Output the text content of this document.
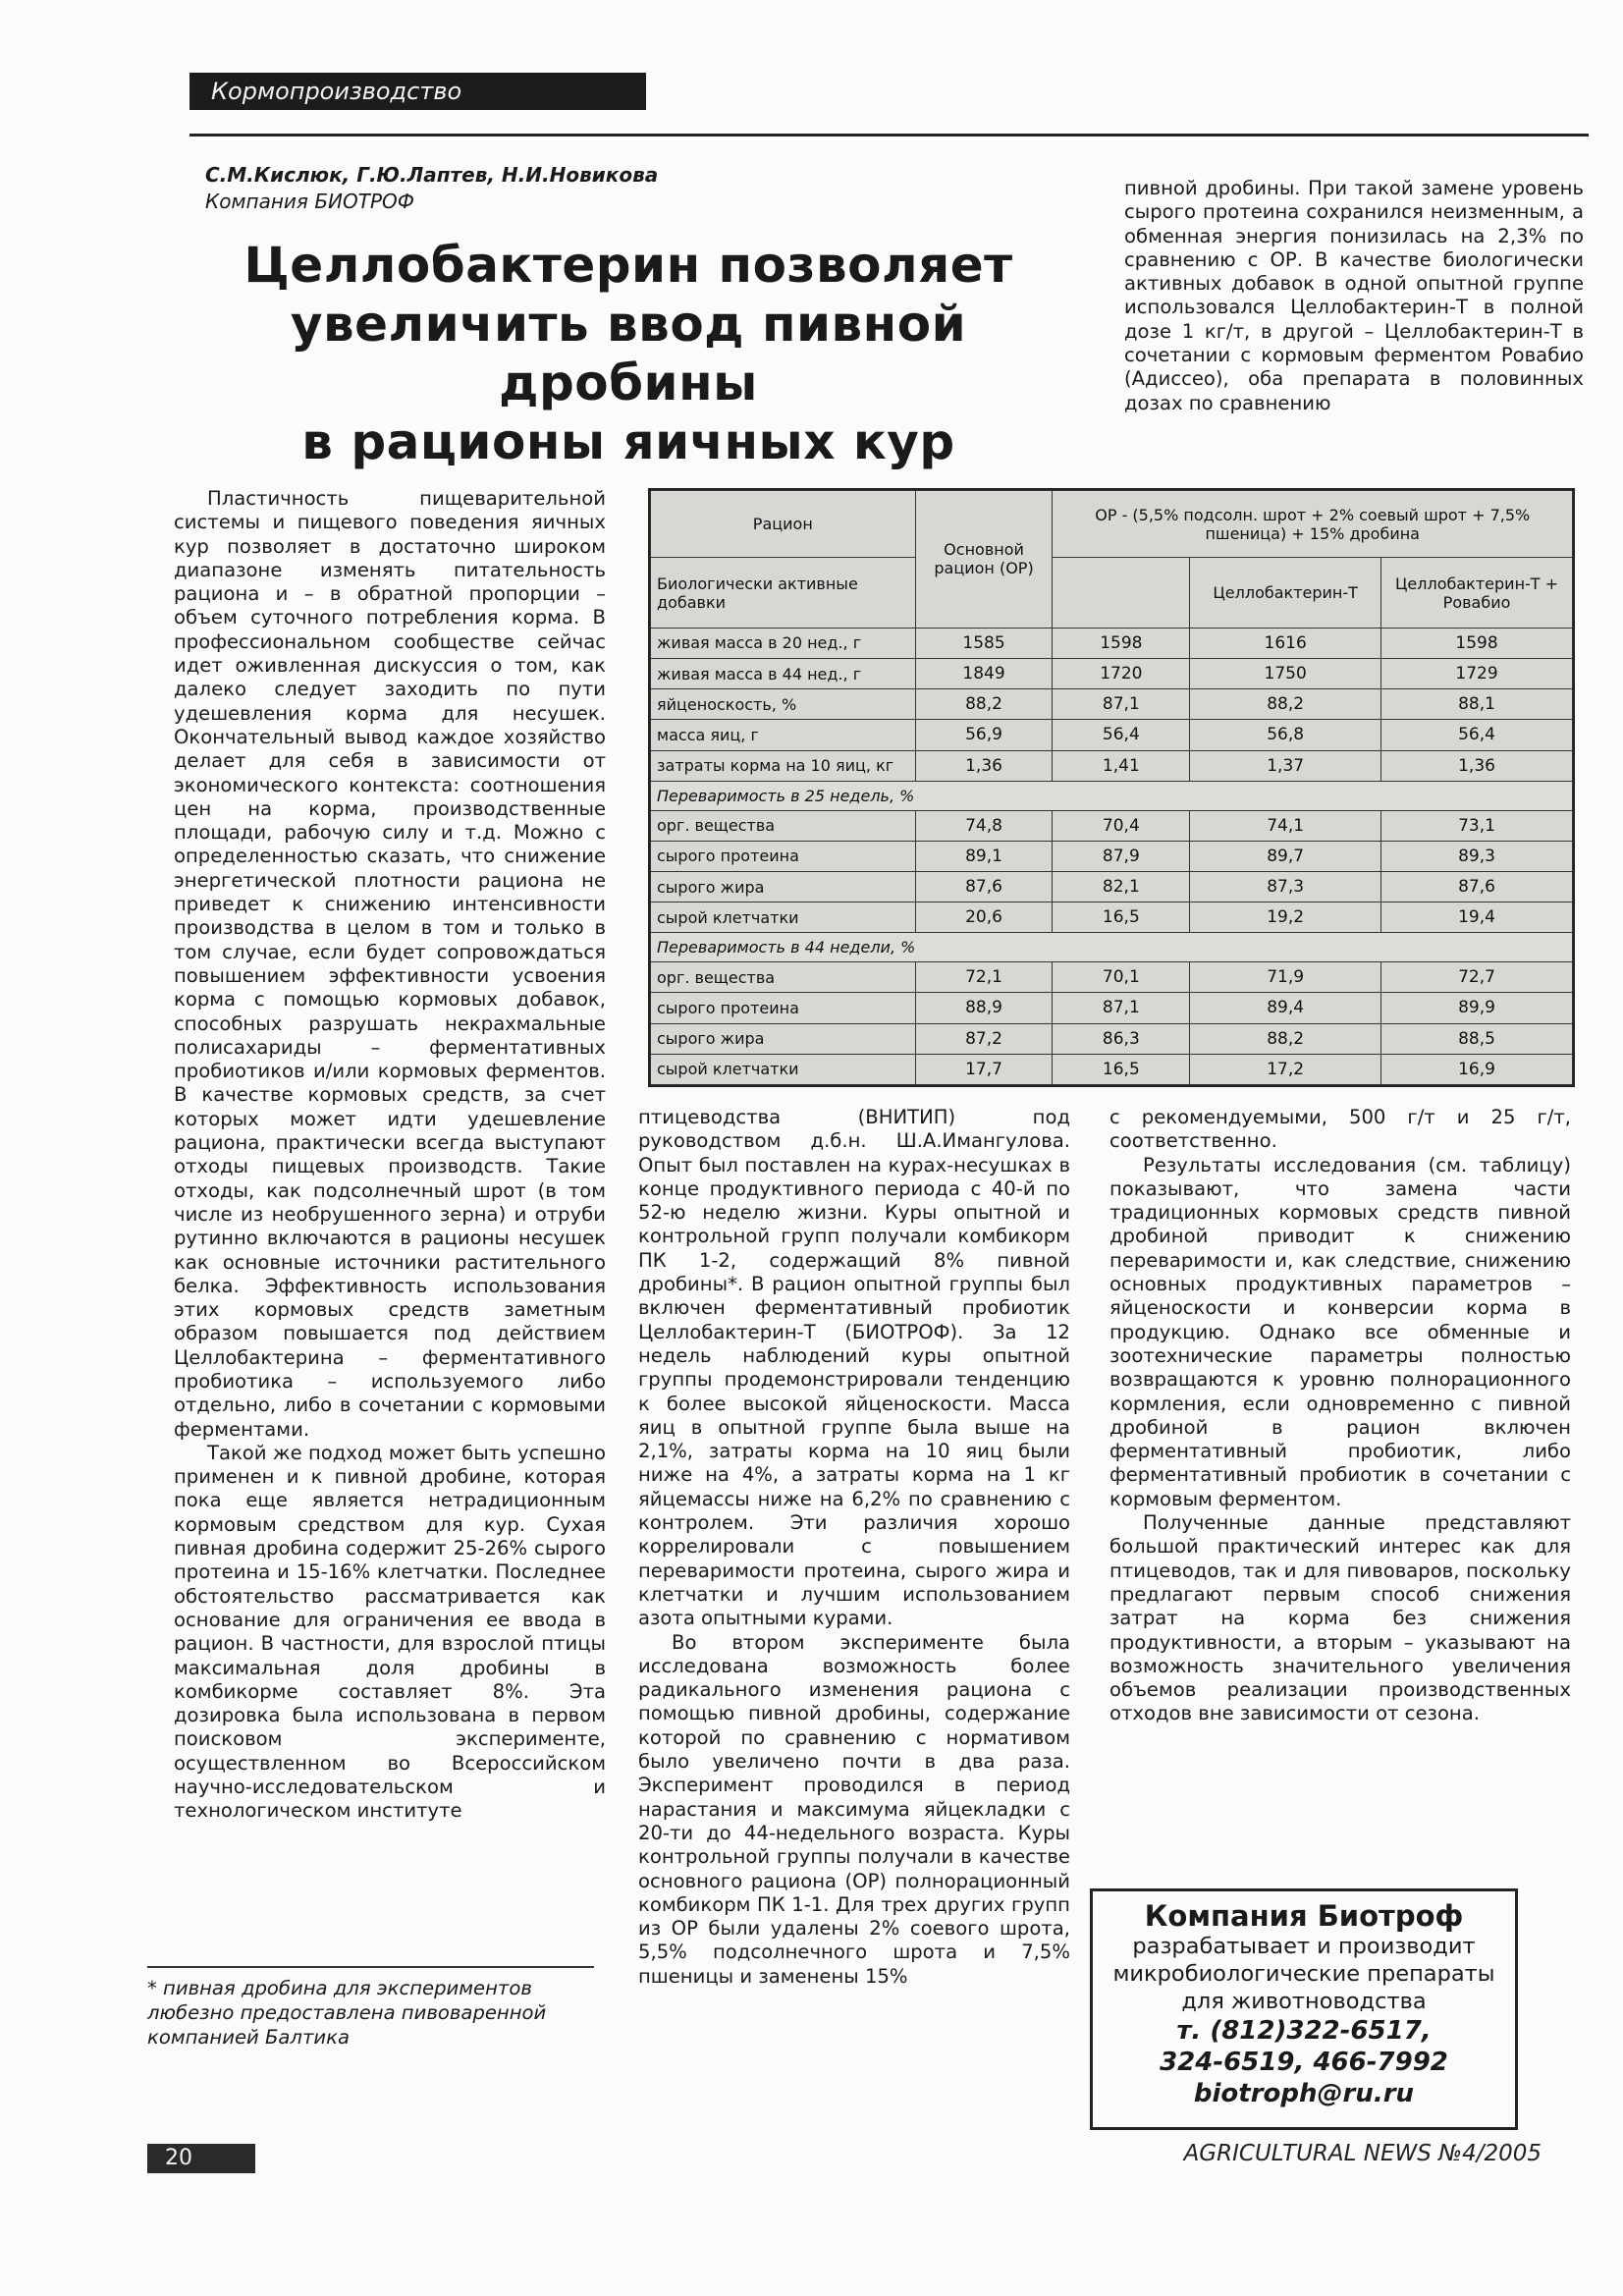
Кормопроизводство
С.М.Кислюк, Г.Ю.Лаптев, Н.И.Новикова
Компания БИОТРОФ
Целлобактерин позволяет
увеличить ввод пивной дробины
в рационы яичных кур

пивной дробины. При такой замене уровень сырого протеина сохранился неизменным, а обменная энергия понизилась на 2,3% по сравнению с ОР. В качестве биологически активных добавок в одной опытной группе использовался Целлобактерин-Т в полной дозе 1 кг/т, в другой – Целлобактерин-Т в сочетании с кормовым ферментом Ровабио (Адиссео), оба препарата в половинных дозах по сравнению

Пластичность пищеварительной системы и пищевого поведения яичных кур позволяет в достаточно широком диапазоне изменять питательность рациона и – в обратной пропорции – объем суточного потребления корма. В профессиональном сообществе сейчас идет оживленная дискуссия о том, как далеко следует заходить по пути удешевления корма для несушек. Окончательный вывод каждое хозяйство делает для себя в зависимости от экономического контекста: соотношения цен на корма, производственные площади, рабочую силу и т.д. Можно с определенностью сказать, что снижение энергетической плотности рациона не приведет к снижению интенсивности производства в целом в том и только в том случае, если будет сопровождаться повышением эффективности усвоения корма с помощью кормовых добавок, способных разрушать некрахмальные полисахариды – ферментативных пробиотиков и/или кормовых ферментов. В качестве кормовых средств, за счет которых может идти удешевление рациона, практически всегда выступают отходы пищевых производств. Такие отходы, как подсолнечный шрот (в том числе из необрушенного зерна) и отруби рутинно включаются в рационы несушек как основные источники растительного белка. Эффективность использования этих кормовых средств заметным образом повышается под действием Целлобактерина – ферментативного пробиотика – используемого либо отдельно, либо в сочетании с кормовыми ферментами.

Такой же подход может быть успешно применен и к пивной дробине, которая пока еще является нетрадиционным кормовым средством для кур. Сухая пивная дробина содержит 25-26% сырого протеина и 15-16% клетчатки. Последнее обстоятельство рассматривается как основание для ограничения ее ввода в рацион. В частности, для взрослой птицы максимальная доля дробины в комбикорме составляет 8%. Эта дозировка была использована в первом поисковом эксперименте, осуществленном во Всероссийском научно-исследовательском и технологическом институте

Рацион	Основной рацион (ОР)	ОР - (5,5% подсолн. шрот + 2% соевый шрот + 7,5% пшеница) + 15% дробина		
Биологически активные добавки			Целлобактерин-Т	Целлобактерин-Т + Ровабио
живая масса в 20 нед., г	1585	1598	1616	1598
живая масса в 44 нед., г	1849	1720	1750	1729
яйценоскость, %	88,2	87,1	88,2	88,1
масса яиц, г	56,9	56,4	56,8	56,4
затраты корма на 10 яиц, кг	1,36	1,41	1,37	1,36
Переваримость в 25 недель, %				
орг. вещества	74,8	70,4	74,1	73,1
сырого протеина	89,1	87,9	89,7	89,3
сырого жира	87,6	82,1	87,3	87,6
сырой клетчатки	20,6	16,5	19,2	19,4
Переваримость в 44 недели, %				
орг. вещества	72,1	70,1	71,9	72,7
сырого протеина	88,9	87,1	89,4	89,9
сырого жира	87,2	86,3	88,2	88,5
сырой клетчатки	17,7	16,5	17,2	16,9

птицеводства (ВНИТИП) под руководством д.б.н. Ш.А.Имангулова. Опыт был поставлен на курах-несушках в конце продуктивного периода с 40-й по 52-ю неделю жизни. Куры опытной и контрольной групп получали комбикорм ПК 1-2, содержащий 8% пивной дробины*. В рацион опытной группы был включен ферментативный пробиотик Целлобактерин-Т (БИОТРОФ). За 12 недель наблюдений куры опытной группы продемонстрировали тенденцию к более высокой яйценоскости. Масса яиц в опытной группе была выше на 2,1%, затраты корма на 10 яиц были ниже на 4%, а затраты корма на 1 кг яйцемассы ниже на 6,2% по сравнению с контролем. Эти различия хорошо коррелировали с повышением переваримости протеина, сырого жира и клетчатки и лучшим использованием азота опытными курами.

Во втором эксперименте была исследована возможность более радикального изменения рациона с помощью пивной дробины, содержание которой по сравнению с нормативом было увеличено почти в два раза. Эксперимент проводился в период нарастания и максимума яйцекладки с 20-ти до 44-недельного возраста. Куры контрольной группы получали в качестве основного рациона (ОР) полнорационный комбикорм ПК 1-1. Для трех других групп из ОР были удалены 2% соевого шрота, 5,5% подсолнечного шрота и 7,5% пшеницы и заменены 15%

с рекомендуемыми, 500 г/т и 25 г/т, соответственно.

Результаты исследования (см. таблицу) показывают, что замена части традиционных кормовых средств пивной дробиной приводит к снижению переваримости и, как следствие, снижению основных продуктивных параметров – яйценоскости и конверсии корма в продукцию. Однако все обменные и зоотехнические параметры полностью возвращаются к уровню полнорационного кормления, если одновременно с пивной дробиной в рацион включен ферментативный пробиотик, либо ферментативный пробиотик в сочетании с кормовым ферментом.

Полученные данные представляют большой практический интерес как для птицеводов, так и для пивоваров, поскольку предлагают первым способ снижения затрат на корма без снижения продуктивности, а вторым – указывают на возможность значительного увеличения объемов реализации производственных отходов вне зависимости от сезона.

* пивная дробина для экспериментов любезно предоставлена пивоваренной компанией Балтика
Компания Биотроф
разрабатывает и производит
микробиологические препараты
для животноводства
т. (812)322-6517,
324-6519, 466-7992
biotroph@ru.ru
20	AGRICULTURAL NEWS №4/2005
